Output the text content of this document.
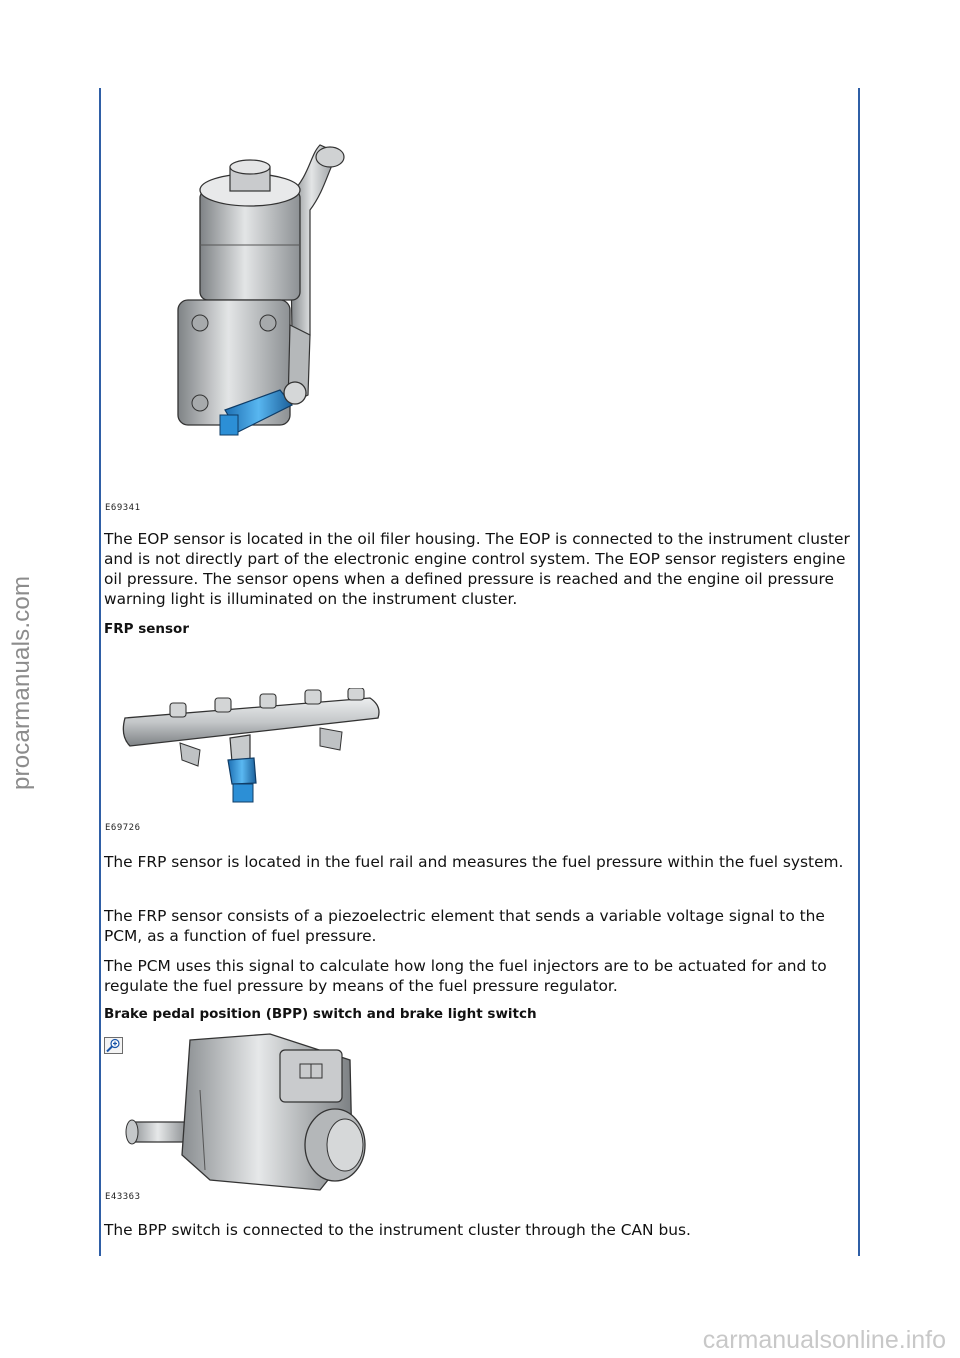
procarmanuals.com
carmanualsonline.info
E69341

The EOP sensor is located in the oil filer housing. The EOP is connected to the instrument cluster and is not directly part of the electronic engine control system. The EOP sensor registers engine oil pressure. The sensor opens when a defined pressure is reached and the engine oil pressure warning light is illuminated on the instrument cluster.

FRP sensor
E69726

The FRP sensor is located in the fuel rail and measures the fuel pressure within the fuel system.

The FRP sensor consists of a piezoelectric element that sends a variable voltage signal to the PCM, as a function of fuel pressure.

The PCM uses this signal to calculate how long the fuel injectors are to be actuated for and to regulate the fuel pressure by means of the fuel pressure regulator.

Brake pedal position (BPP) switch and brake light switch
E43363

The BPP switch is connected to the instrument cluster through the CAN bus.
